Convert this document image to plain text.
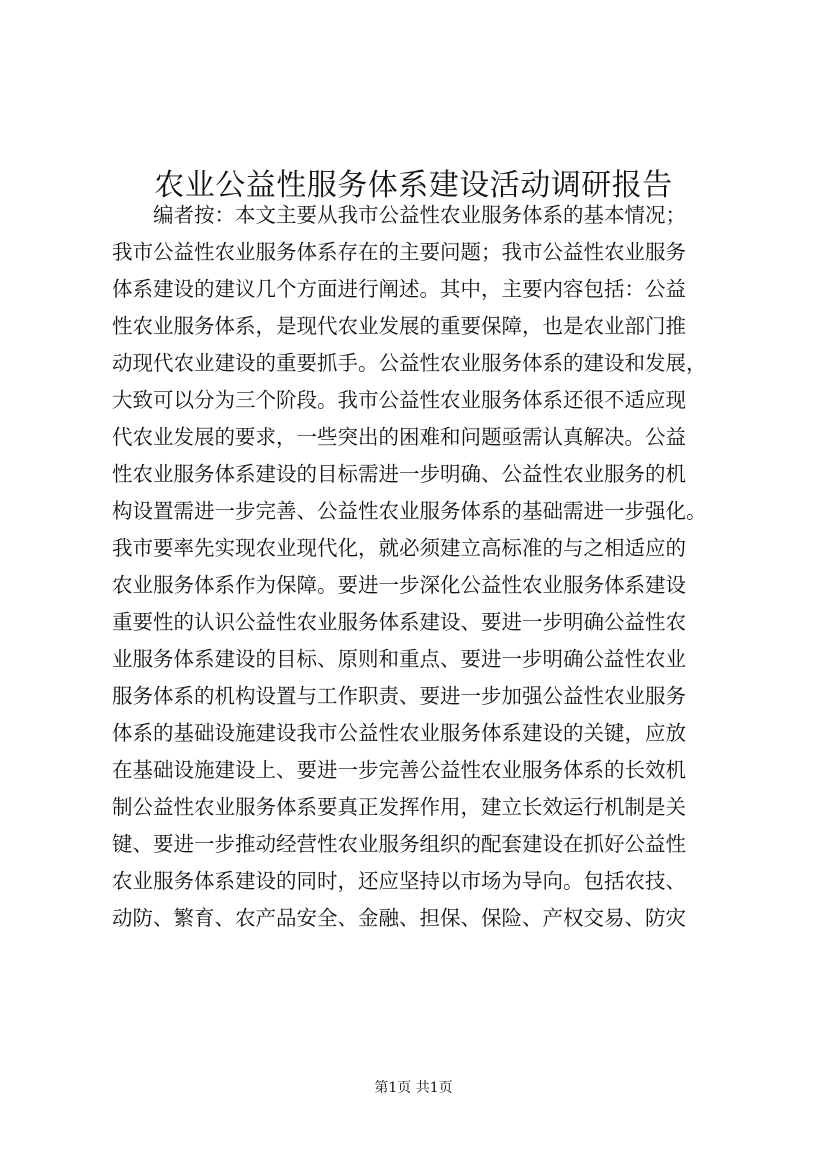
农业公益性服务体系建设活动调研报告
编者按：本文主要从我市公益性农业服务体系的基本情况；
我市公益性农业服务体系存在的主要问题；我市公益性农业服务
体系建设的建议几个方面进行阐述。其中，主要内容包括：公益
性农业服务体系，是现代农业发展的重要保障，也是农业部门推
动现代农业建设的重要抓手。公益性农业服务体系的建设和发展，
大致可以分为三个阶段。我市公益性农业服务体系还很不适应现
代农业发展的要求，一些突出的困难和问题亟需认真解决。公益
性农业服务体系建设的目标需进一步明确、公益性农业服务的机
构设置需进一步完善、公益性农业服务体系的基础需进一步强化。
我市要率先实现农业现代化，就必须建立高标准的与之相适应的
农业服务体系作为保障。要进一步深化公益性农业服务体系建设
重要性的认识公益性农业服务体系建设、要进一步明确公益性农
业服务体系建设的目标、原则和重点、要进一步明确公益性农业
服务体系的机构设置与工作职责、要进一步加强公益性农业服务
体系的基础设施建设我市公益性农业服务体系建设的关键，应放
在基础设施建设上、要进一步完善公益性农业服务体系的长效机
制公益性农业服务体系要真正发挥作用，建立长效运行机制是关
键、要进一步推动经营性农业服务组织的配套建设在抓好公益性
农业服务体系建设的同时，还应坚持以市场为导向。包括农技、
动防、繁育、农产品安全、金融、担保、保险、产权交易、防灾
第1页 共1页
